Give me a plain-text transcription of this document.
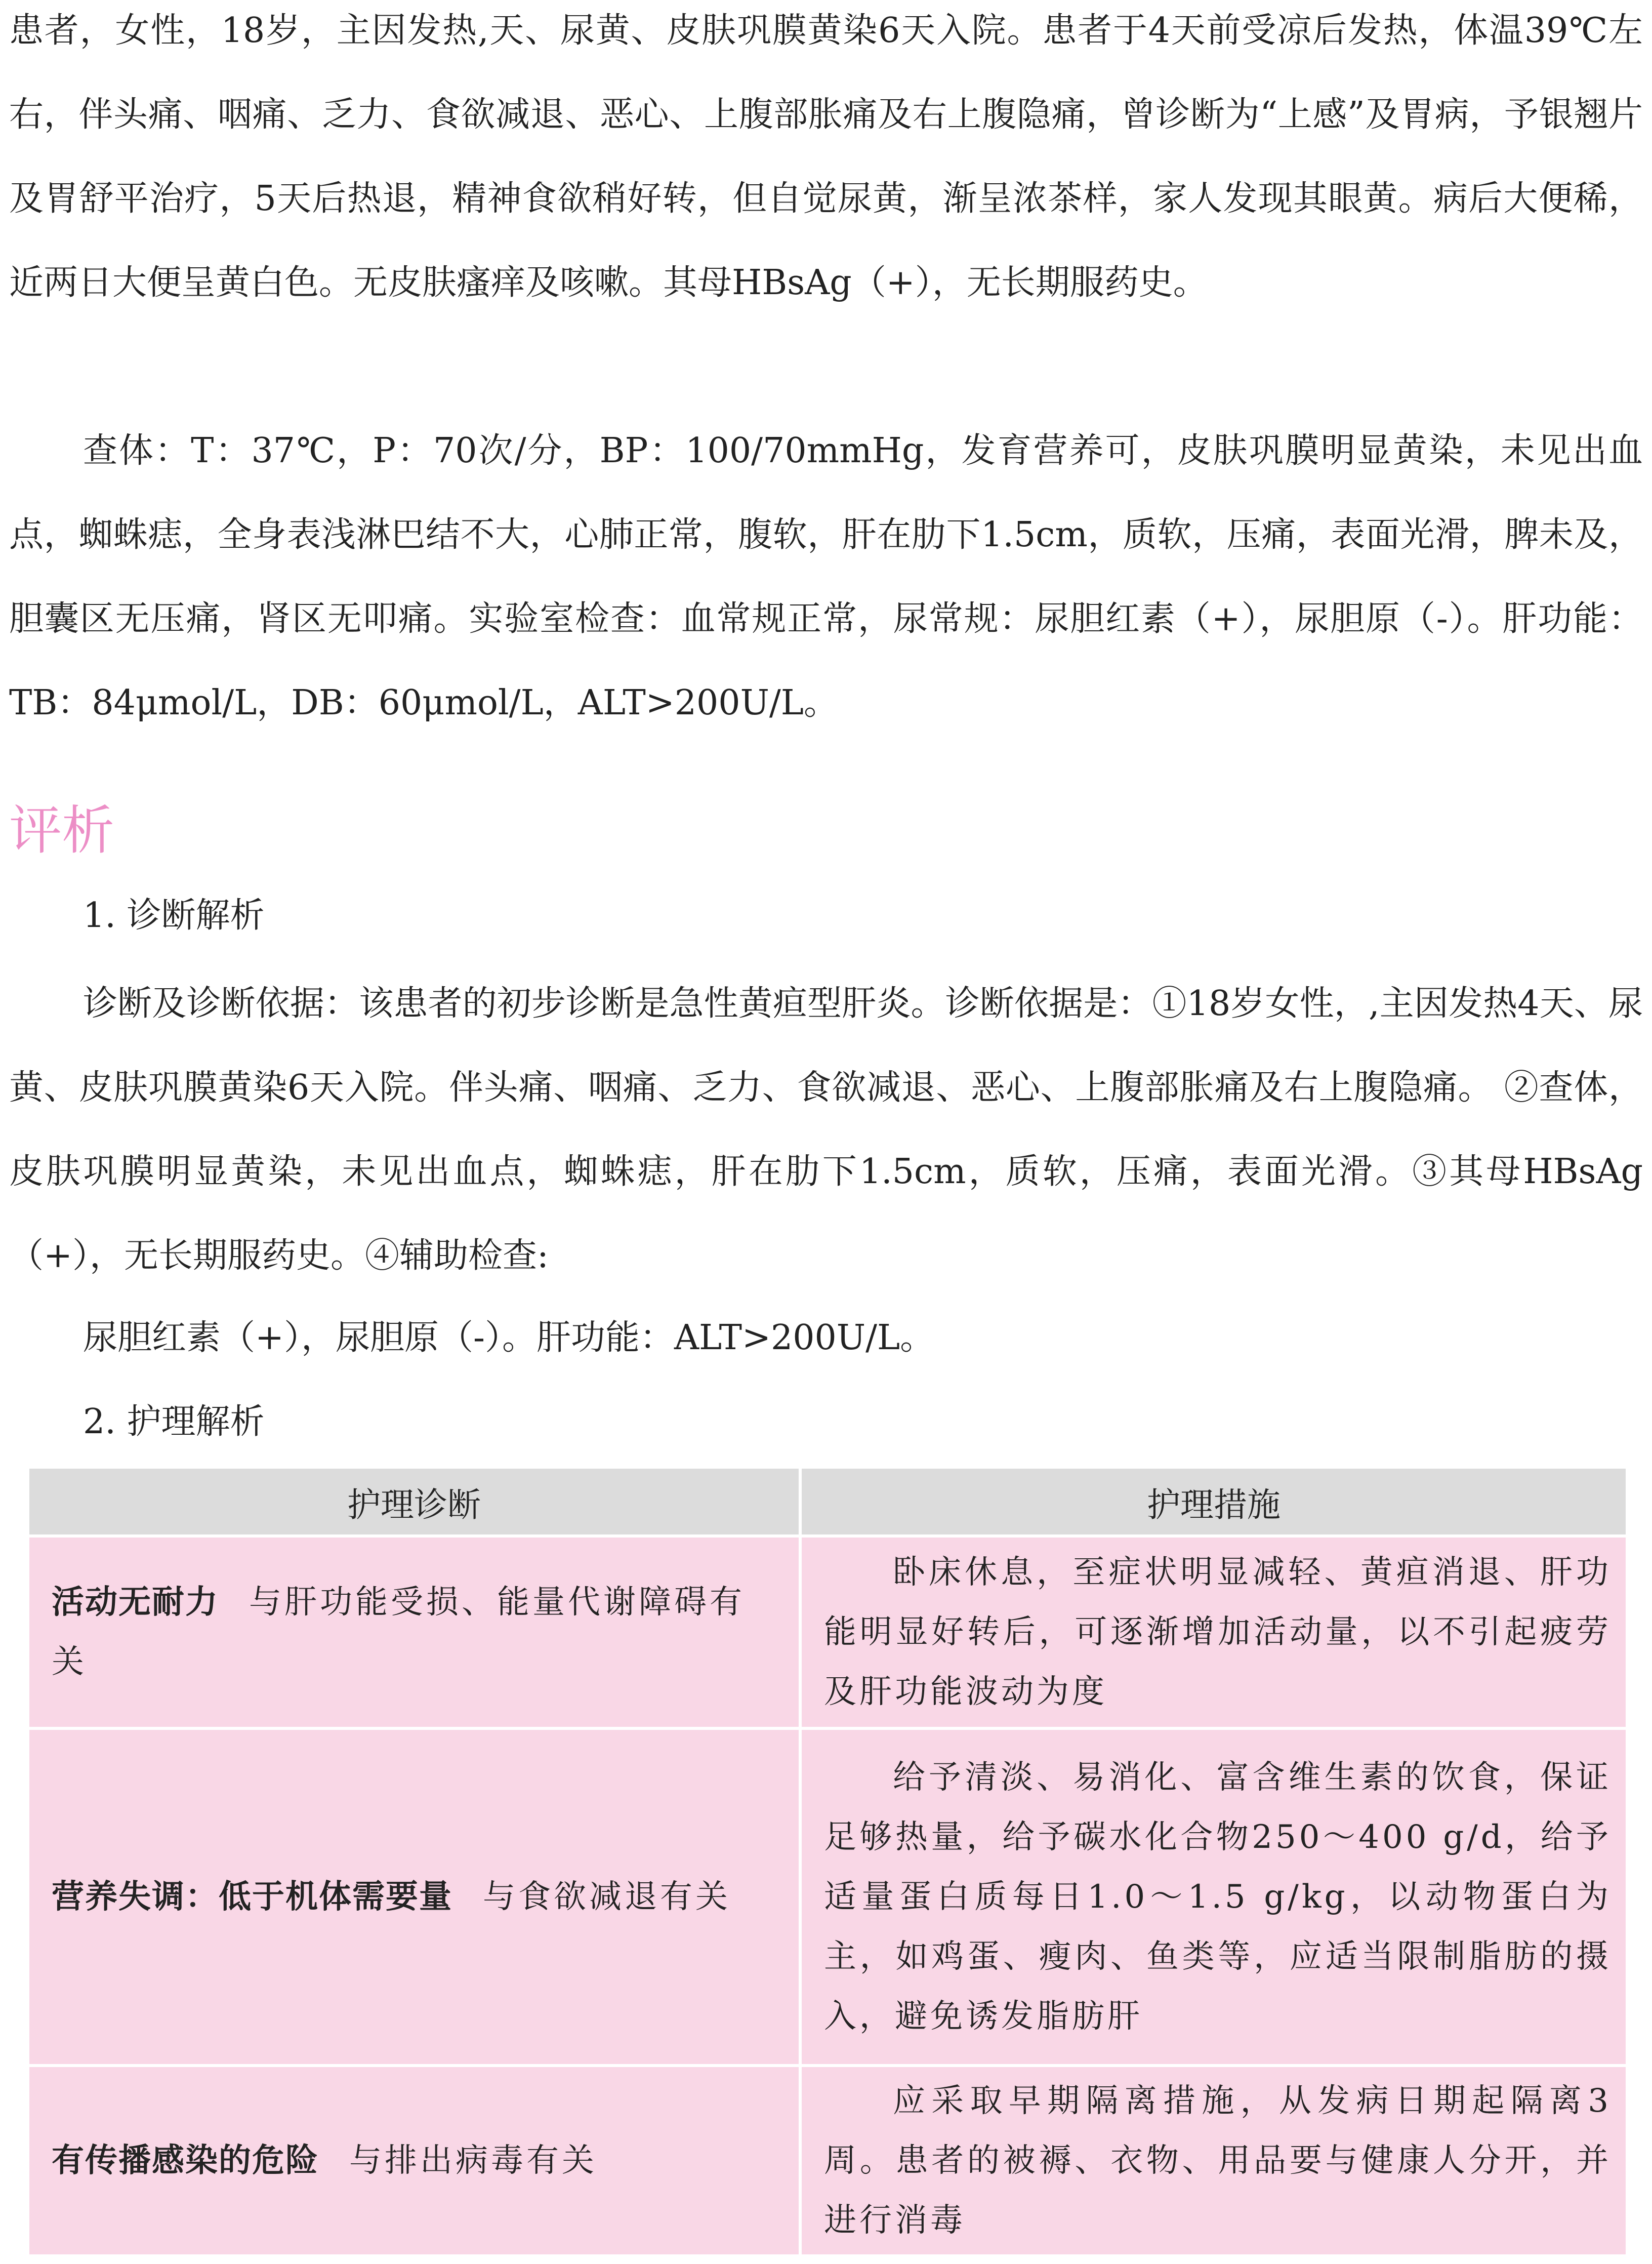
患者，女性，18岁，主因发热,天、尿黄、皮肤巩膜黄染6天入院。患者于4天前受凉后发热，体温39℃左右，伴头痛、咽痛、乏力、食欲减退、恶心、上腹部胀痛及右上腹隐痛，曾诊断为“上感”及胃病，予银翘片及胃舒平治疗，5天后热退，精神食欲稍好转，但自觉尿黄，渐呈浓茶样，家人发现其眼黄。病后大便稀，近两日大便呈黄白色。无皮肤瘙痒及咳嗽。其母HBsAg（+），无长期服药史。

查体：T：37℃，P：70次/分，BP：100/70mmHg，发育营养可，皮肤巩膜明显黄染，未见出血点，蜘蛛痣，全身表浅淋巴结不大，心肺正常，腹软，肝在肋下1.5cm，质软，压痛，表面光滑，脾未及，胆囊区无压痛，肾区无叩痛。实验室检查：血常规正常，尿常规：尿胆红素（+），尿胆原（-）。肝功能：TB：84μmol/L，DB：60μmol/L，ALT>200U/L。

评析

1. 诊断解析

诊断及诊断依据：该患者的初步诊断是急性黄疸型肝炎。诊断依据是：①18岁女性，,主因发热4天、尿黄、皮肤巩膜黄染6天入院。伴头痛、咽痛、乏力、食欲减退、恶心、上腹部胀痛及右上腹隐痛。 ②查体，皮肤巩膜明显黄染，未见出血点，蜘蛛痣，肝在肋下1.5cm，质软，压痛，表面光滑。③其母HBsAg（+），无长期服药史。④辅助检查:

尿胆红素（+），尿胆原（-）。肝功能：ALT>200U/L。

2. 护理解析

护理诊断	护理措施
活动无耐力 与肝功能受损、能量代谢障碍有关	卧床休息，至症状明显减轻、黄疸消退、肝功能明显好转后，可逐渐增加活动量，以不引起疲劳及肝功能波动为度

营养失调：低于机体需要量 与食欲减退有关	给予清淡、易消化、富含维生素的饮食，保证足够热量，给予碳水化合物250～400 g/d，给予适量蛋白质每日1.0～1.5 g/kg，以动物蛋白为主，如鸡蛋、瘦肉、鱼类等，应适当限制脂肪的摄入，避免诱发脂肪肝

有传播感染的危险 与排出病毒有关	应采取早期隔离措施，从发病日期起隔离3周。患者的被褥、衣物、用品要与健康人分开，并进行消毒
